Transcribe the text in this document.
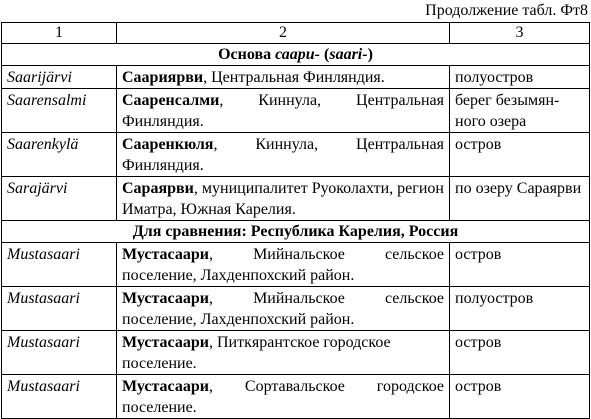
Продолжение табл. Фт8
1	2	3
Основа саари- (saari-)		
Saarijärvi	Саариярви, Центральная Финляндия.	полуостров
Saarensalmi	Сааренсалми, Киннула, Центральная Финляндия.	берег безымян-ного озера
Saarenkylä	Сааренкюля, Киннула, Центральная Финляндия.	остров
Sarajärvi	Сараярви, муниципалитет Руоколахти, регион Иматра, Южная Карелия.	по озеру Сараярви
Для сравнения: Республика Карелия, Россия		
Mustasaari	Мустасаари, Мийнальское сельское поселение, Лахденпохский район.	остров
Mustasaari	Мустасаари, Мийнальское сельское поселение, Лахденпохский район.	полуостров
Mustasaari	Мустасаари, Питкярантское городское поселение.	остров
Mustasaari	Мустасаари, Сортавальское городское поселение.	остров
